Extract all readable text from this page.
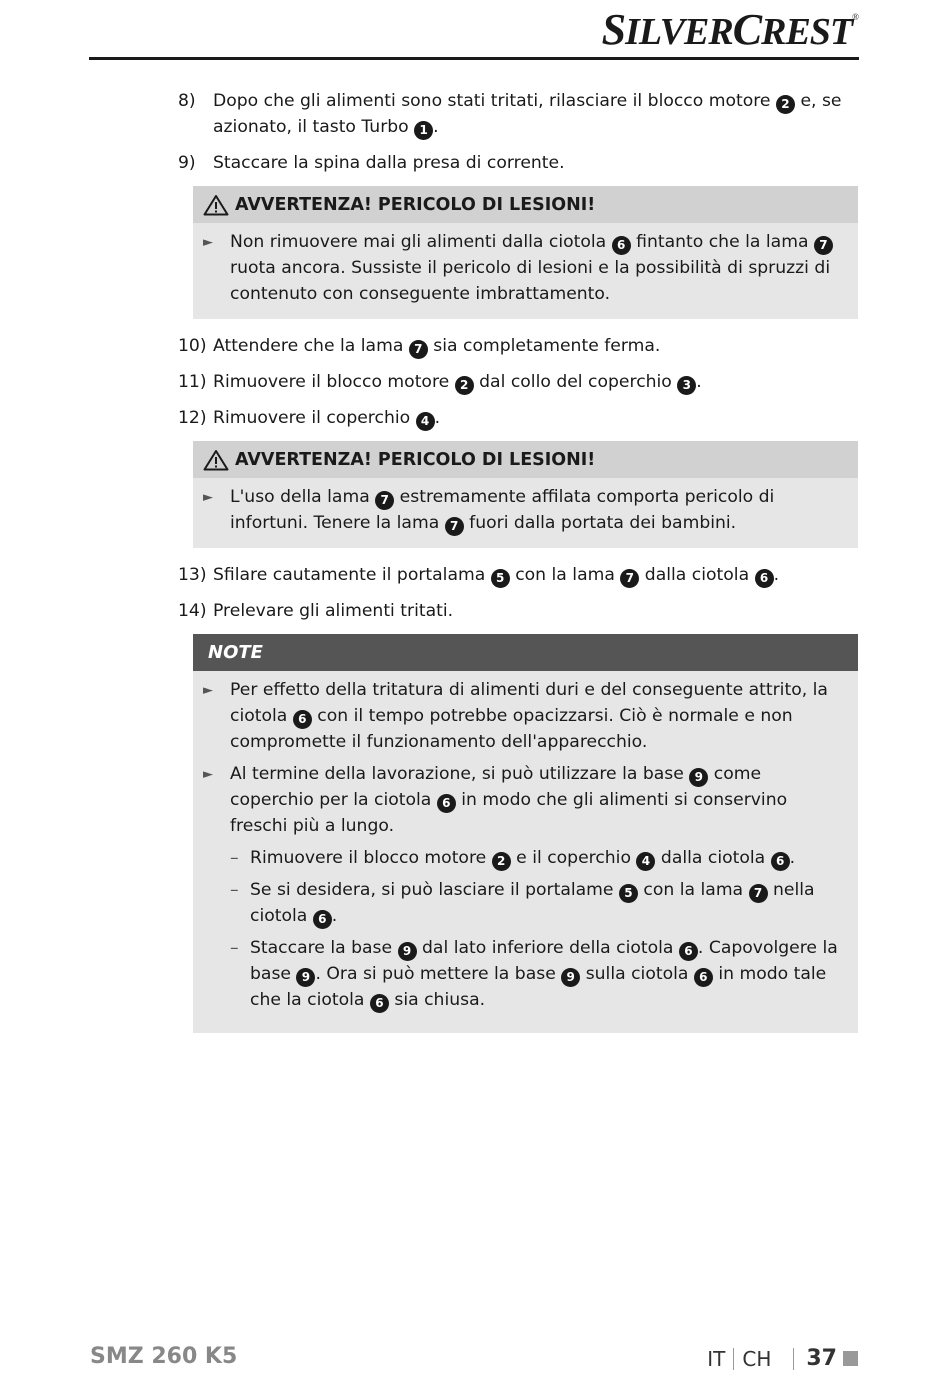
SILVERCREST®
8)	Dopo che gli alimenti sono stati tritati, rilasciare il blocco motore 2 e, se azionato, il tasto Turbo 1 .
9)	Staccare la spina dalla presa di corrente.
AVVERTENZA! PERICOLO DI LESIONI!
► Non rimuovere mai gli alimenti dalla ciotola 6 fintanto che la lama 7 ruota ancora. Sussiste il pericolo di lesioni e la possibilità di spruzzi di contenuto con conseguente imbrattamento.
10) Attendere che la lama 7 sia completamente ferma.
11) Rimuovere il blocco motore 2 dal collo del coperchio 3 .
12) Rimuovere il coperchio 4 .
AVVERTENZA! PERICOLO DI LESIONI!
► L'uso della lama 7 estremamente affilata comporta pericolo di infortuni. Tenere la lama 7 fuori dalla portata dei bambini.
13) Sfilare cautamente il portalama 5 con la lama 7 dalla ciotola 6 .
14) Prelevare gli alimenti tritati.
NOTE
► Per effetto della tritatura di alimenti duri e del conseguente attrito, la ciotola 6 con il tempo potrebbe opacizzarsi. Ciò è normale e non compromette il funzionamento dell'apparecchio.
► Al termine della lavorazione, si può utilizzare la base 9 come coperchio per la ciotola 6 in modo che gli alimenti si conservino freschi più a lungo.
– Rimuovere il blocco motore 2 e il coperchio 4 dalla ciotola 6 .
– Se si desidera, si può lasciare il portalame 5 con la lama 7 nella ciotola 6 .
– Staccare la base 9 dal lato inferiore della ciotola 6 . Capovolgere la base 9 . Ora si può mettere la base 9 sulla ciotola 6 in modo tale che la ciotola 6 sia chiusa.
SMZ 260 K5	IT CH 37
